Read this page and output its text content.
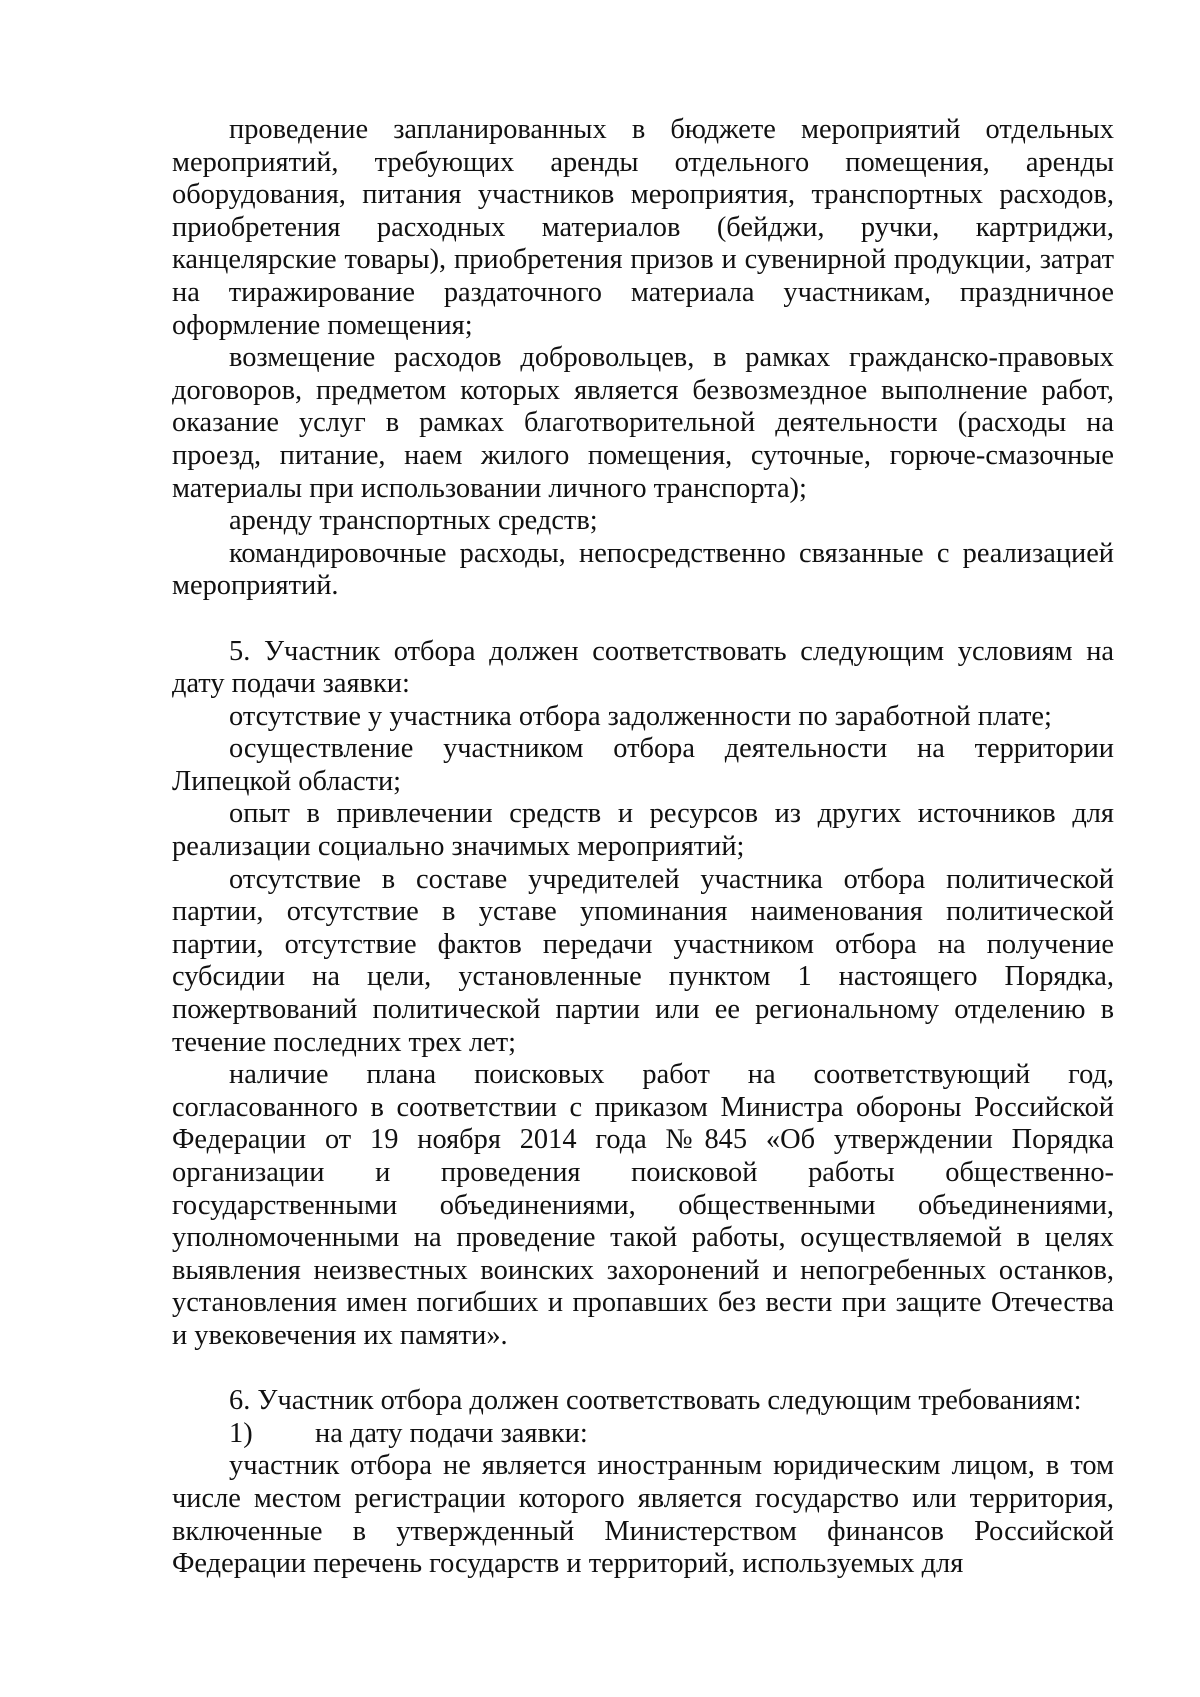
проведение запланированных в бюджете мероприятий отдельных мероприятий, требующих аренды отдельного помещения, аренды оборудования, питания участников мероприятия, транспортных расходов, приобретения расходных материалов (бейджи, ручки, картриджи, канцелярские товары), приобретения призов и сувенирной продукции, затрат на тиражирование раздаточного материала участникам, праздничное оформление помещения;

возмещение расходов добровольцев, в рамках гражданско-правовых договоров, предметом которых является безвозмездное выполнение работ, оказание услуг в рамках благотворительной деятельности (расходы на проезд, питание, наем жилого помещения, суточные, горюче-смазочные материалы при использовании личного транспорта);

аренду транспортных средств;

командировочные расходы, непосредственно связанные с реализацией мероприятий.

5. Участник отбора должен соответствовать следующим условиям на дату подачи заявки:

отсутствие у участника отбора задолженности по заработной плате;

осуществление участником отбора деятельности на территории Липецкой области;

опыт в привлечении средств и ресурсов из других источников для реализации социально значимых мероприятий;

отсутствие в составе учредителей участника отбора политической партии, отсутствие в уставе упоминания наименования политической партии, отсутствие фактов передачи участником отбора на получение субсидии на цели, установленные пунктом 1 настоящего Порядка, пожертвований политической партии или ее региональному отделению в течение последних трех лет;

наличие плана поисковых работ на соответствующий год, согласованного в соответствии с приказом Министра обороны Российской Федерации от 19 ноября 2014 года №845 «Об утверждении Порядка организации и проведения поисковой работы общественно-государственными объединениями, общественными объединениями, уполномоченными на проведение такой работы, осуществляемой в целях выявления неизвестных воинских захоронений и непогребенных останков, установления имен погибших и пропавших без вести при защите Отечества и увековечения их памяти».

6. Участник отбора должен соответствовать следующим требованиям:

1)	на дату подачи заявки:

участник отбора не является иностранным юридическим лицом, в том числе местом регистрации которого является государство или территория, включенные в утвержденный Министерством финансов Российской Федерации перечень государств и территорий, используемых для
